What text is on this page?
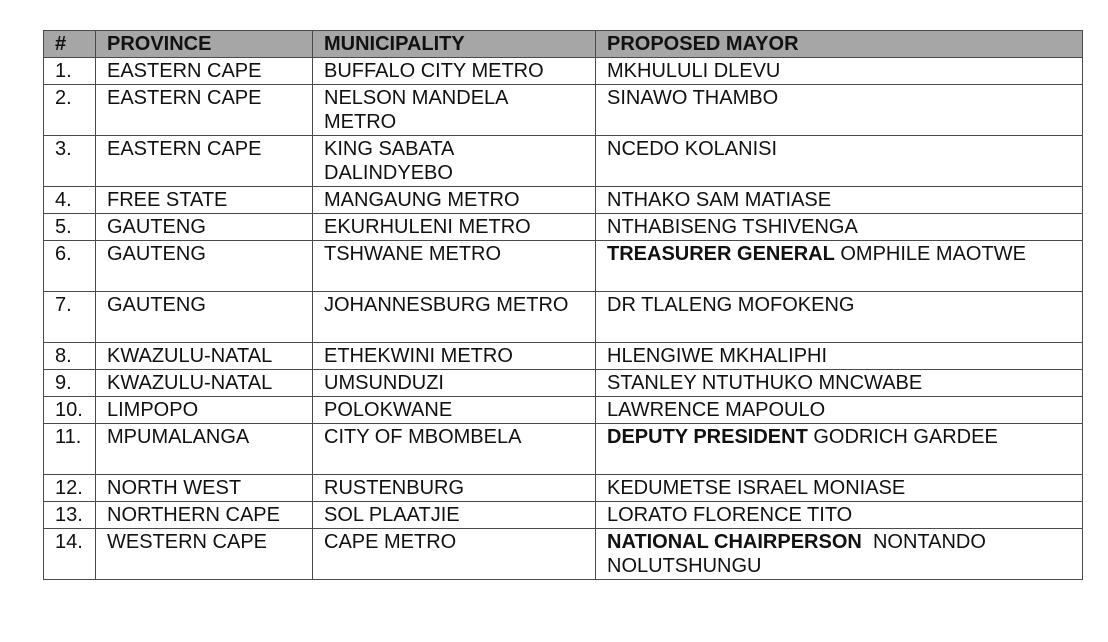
#	PROVINCE	MUNICIPALITY	PROPOSED MAYOR
1.	EASTERN CAPE	BUFFALO CITY METRO	MKHULULI DLEVU
2.	EASTERN CAPE	NELSON MANDELA METRO	SINAWO THAMBO
3.	EASTERN CAPE	KING SABATA DALINDYEBO	NCEDO KOLANISI
4.	FREE STATE	MANGAUNG METRO	NTHAKO SAM MATIASE
5.	GAUTENG	EKURHULENI METRO	NTHABISENG TSHIVENGA
6.	GAUTENG	TSHWANE METRO	TREASURER GENERAL OMPHILE MAOTWE
7.	GAUTENG	JOHANNESBURG METRO	DR TLALENG MOFOKENG
8.	KWAZULU-NATAL	ETHEKWINI METRO	HLENGIWE MKHALIPHI
9.	KWAZULU-NATAL	UMSUNDUZI	STANLEY NTUTHUKO MNCWABE
10.	LIMPOPO	POLOKWANE	LAWRENCE MAPOULO
11.	MPUMALANGA	CITY OF MBOMBELA	DEPUTY PRESIDENT GODRICH GARDEE
12.	NORTH WEST	RUSTENBURG	KEDUMETSE ISRAEL MONIASE
13.	NORTHERN CAPE	SOL PLAATJIE	LORATO FLORENCE TITO
14.	WESTERN CAPE	CAPE METRO	NATIONAL CHAIRPERSON NONTANDO NOLUTSHUNGU
